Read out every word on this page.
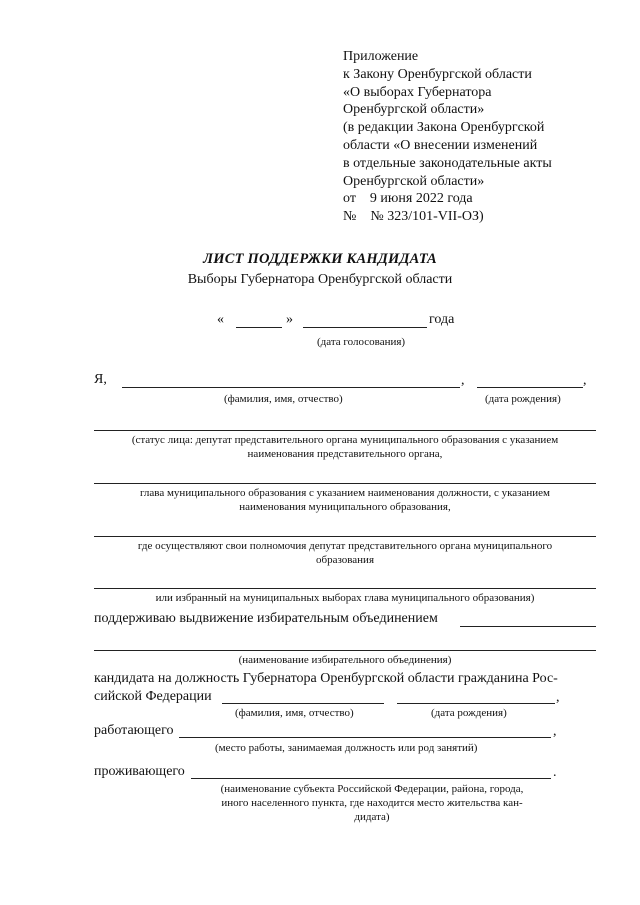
Приложение
к Закону Оренбургской области
«О выборах Губернатора
Оренбургской области»
(в редакции Закона Оренбургской
области «О внесении изменений
в отдельные законодательные акты
Оренбургской области»
от    9 июня 2022 года
№    № 323/101-VII-ОЗ)
ЛИСТ ПОДДЕРЖКИ КАНДИДАТА
Выборы Губернатора Оренбургской области
«	»	года
(дата голосования)
Я,	,	,
(фамилия, имя, отчество)	(дата рождения)
(статус лица: депутат представительного органа муниципального образования с указанием
наименования представительного органа,
глава муниципального образования с указанием наименования должности, с указанием
наименования муниципального образования,
где осуществляют свои полномочия депутат представительного органа муниципального
образования
или избранный на муниципальных выборах глава муниципального образования)
поддерживаю выдвижение избирательным объединением
(наименование избирательного объединения)
кандидата на должность Губернатора Оренбургской области гражданина Рос-
сийской Федерации	,
(фамилия, имя, отчество)	(дата рождения)
работающего	,
(место работы, занимаемая должность или род занятий)
проживающего	.
(наименование субъекта Российской Федерации, района, города,
иного населенного пункта, где находится место жительства кан-
дидата)
